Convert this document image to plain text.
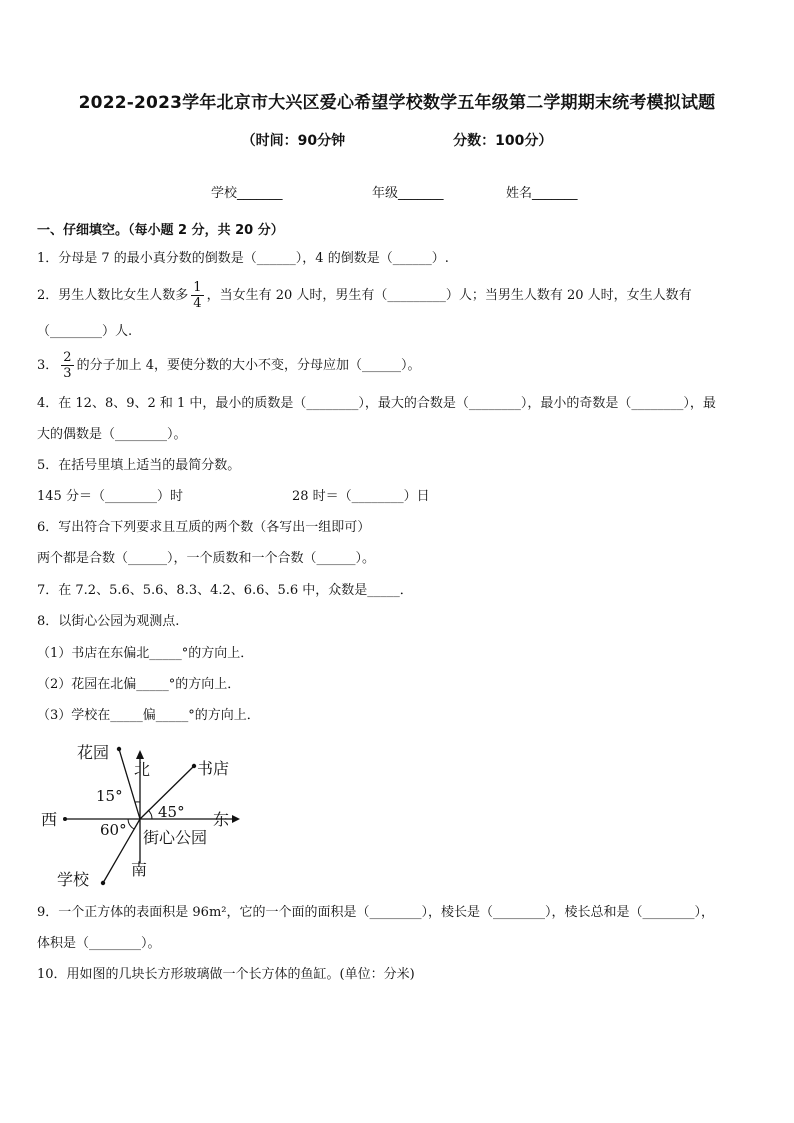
2022-2023学年北京市大兴区爱心希望学校数学五年级第二学期期末统考模拟试题
（时间：90分钟	分数：100分）
学校_______	年级_______	姓名_______
一、仔细填空。（每小题 2 分，共 20 分）
1．分母是 7 的最小真分数的倒数是（______），4 的倒数是（______）.
2．男生人数比女生人数多 $\frac{1}{4}$ ，当女生有 20 人时，男生有（_________）人；当男生人数有 20 人时，女生人数有
（________）人.
3． $\frac{2}{3}$ 的分子加上 4，要使分数的大小不变，分母应加（______）。
4．在 12、8、9、2 和 1 中，最小的质数是（________），最大的合数是（________），最小的奇数是（________），最
大的偶数是（________）。
5．在括号里填上适当的最简分数。
145 分＝（________）时	28 时＝（________）日
6．写出符合下列要求且互质的两个数（各写出一组即可）
两个都是合数（______），一个质数和一个合数（______）。
7．在 7.2、5.6、5.6、8.3、4.2、6.6、5.6 中，众数是_____．
8．以街心公园为观测点.
（1）书店在东偏北_____°的方向上．
（2）花园在北偏_____°的方向上．
（3）学校在_____偏_____°的方向上．
花园
北	书店
15°
45°
西	东
60° 街心公园
学校
南
9．一个正方体的表面积是 96m²，它的一个面的面积是（________），棱长是（________），棱长总和是（________），
体积是（________）。
10．用如图的几块长方形玻璃做一个长方体的鱼缸。(单位：分米)
